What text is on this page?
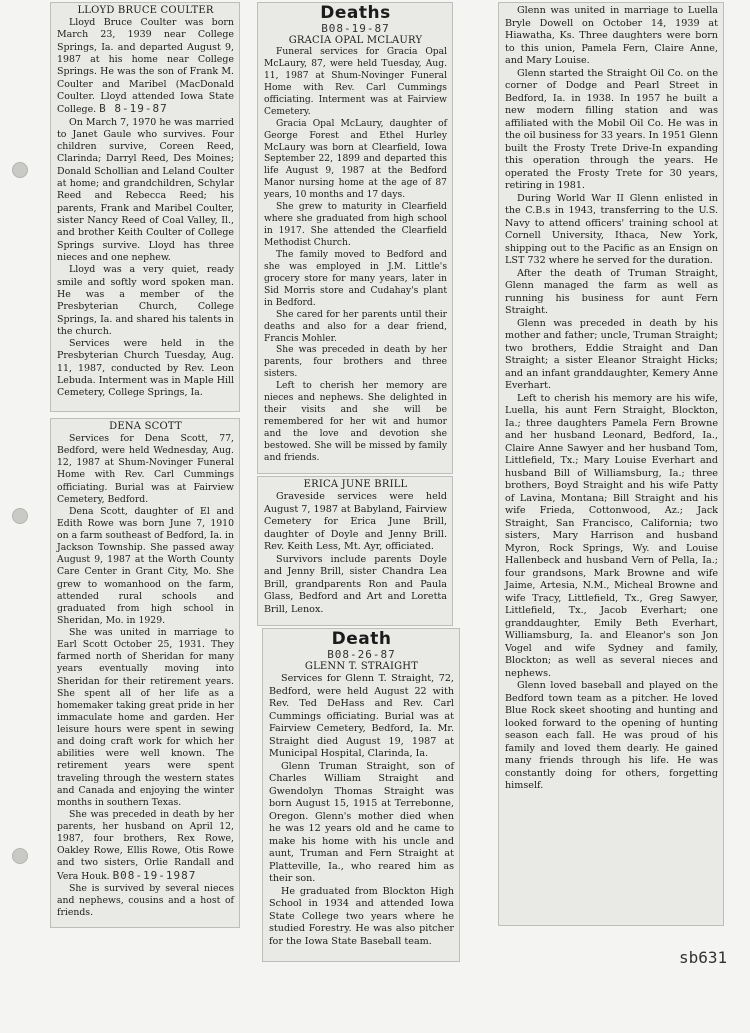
LLOYD BRUCE COULTER

Lloyd Bruce Coulter was born March 23, 1939 near College Springs, Ia. and departed August 9, 1987 at his home near College Springs. He was the son of Frank M. Coulter and Maribel (MacDonald Coulter. Lloyd attended Iowa State College. B 8-19-87

On March 7, 1970 he was married to Janet Gaule who survives. Four children survive, Coreen Reed, Clarinda; Darryl Reed, Des Moines; Donald Schollian and Leland Coulter at home; and grandchildren, Schylar Reed and Rebecca Reed; his parents, Frank and Maribel Coulter, sister Nancy Reed of Coal Valley, Il., and brother Keith Coulter of College Springs survive. Lloyd has three nieces and one nephew.

Lloyd was a very quiet, ready smile and softly word spoken man. He was a member of the Presbyterian Church, College Springs, Ia. and shared his talents in the church.

Services were held in the Presbyterian Church Tuesday, Aug. 11, 1987, conducted by Rev. Leon Lebuda. Interment was in Maple Hill Cemetery, College Springs, Ia.

DENA SCOTT

Services for Dena Scott, 77, Bedford, were held Wednesday, Aug. 12, 1987 at Shum-Novinger Funeral Home with Rev. Carl Cummings officiating. Burial was at Fairview Cemetery, Bedford.

Dena Scott, daughter of El and Edith Rowe was born June 7, 1910 on a farm southeast of Bedford, Ia. in Jackson Township. She passed away August 9, 1987 at the Worth County Care Center in Grant City, Mo. She grew to womanhood on the farm, attended rural schools and graduated from high school in Sheridan, Mo. in 1929.

She was united in marriage to Earl Scott October 25, 1931. They farmed north of Sheridan for many years eventually moving into Sheridan for their retirement years. She spent all of her life as a homemaker taking great pride in her immaculate home and garden. Her leisure hours were spent in sewing and doing craft work for which her abilities were well known. The retirement years were spent traveling through the western states and Canada and enjoying the winter months in southern Texas.

She was preceded in death by her parents, her husband on April 12, 1987, four brothers, Rex Rowe, Oakley Rowe, Ellis Rowe, Otis Rowe and two sisters, Orlie Randall and Vera Houk. B08-19-1987

She is survived by several nieces and nephews, cousins and a host of friends.

Deaths
B08-19-87
GRACIA OPAL MCLAURY

Funeral services for Gracia Opal McLaury, 87, were held Tuesday, Aug. 11, 1987 at Shum-Novinger Funeral Home with Rev. Carl Cummings officiating. Interment was at Fairview Cemetery.

Gracia Opal McLaury, daughter of George Forest and Ethel Hurley McLaury was born at Clearfield, Iowa September 22, 1899 and departed this life August 9, 1987 at the Bedford Manor nursing home at the age of 87 years, 10 months and 17 days.

She grew to maturity in Clearfield where she graduated from high school in 1917. She attended the Clearfield Methodist Church.

The family moved to Bedford and she was employed in J.M. Little's grocery store for many years, later in Sid Morris store and Cudahay's plant in Bedford.

She cared for her parents until their deaths and also for a dear friend, Francis Mohler.

She was preceded in death by her parents, four brothers and three sisters.

Left to cherish her memory are nieces and nephews. She delighted in their visits and she will be remembered for her wit and humor and the love and devotion she bestowed. She will be missed by family and friends.

ERICA JUNE BRILL

Graveside services were held August 7, 1987 at Babyland, Fairview Cemetery for Erica June Brill, daughter of Doyle and Jenny Brill. Rev. Keith Less, Mt. Ayr, officiated.

Survivors include parents Doyle and Jenny Brill, sister Chandra Lea Brill, grandparents Ron and Paula Glass, Bedford and Art and Loretta Brill, Lenox.

Death
B08-26-87
GLENN T. STRAIGHT

Services for Glenn T. Straight, 72, Bedford, were held August 22 with Rev. Ted DeHass and Rev. Carl Cummings officiating. Burial was at Fairview Cemetery, Bedford, Ia. Mr. Straight died August 19, 1987 at Municipal Hospital, Clarinda, Ia.

Glenn Truman Straight, son of Charles William Straight and Gwendolyn Thomas Straight was born August 15, 1915 at Terrebonne, Oregon. Glenn's mother died when he was 12 years old and he came to make his home with his uncle and aunt, Truman and Fern Straight at Platteville, Ia., who reared him as their son.

He graduated from Blockton High School in 1934 and attended Iowa State College two years where he studied Forestry. He was also pitcher for the Iowa State Baseball team.

Glenn was united in marriage to Luella Bryle Dowell on October 14, 1939 at Hiawatha, Ks. Three daughters were born to this union, Pamela Fern, Claire Anne, and Mary Louise.

Glenn started the Straight Oil Co. on the corner of Dodge and Pearl Street in Bedford, Ia. in 1938. In 1957 he built a new modern filling station and was affiliated with the Mobil Oil Co. He was in the oil business for 33 years. In 1951 Glenn built the Frosty Trete Drive-In expanding this operation through the years. He operated the Frosty Trete for 30 years, retiring in 1981.

During World War II Glenn enlisted in the C.B.s in 1943, transferring to the U.S. Navy to attend officers' training school at Cornell University, Ithaca, New York, shipping out to the Pacific as an Ensign on LST 732 where he served for the duration.

After the death of Truman Straight, Glenn managed the farm as well as running his business for aunt Fern Straight.

Glenn was preceded in death by his mother and father; uncle, Truman Straight; two brothers, Eddie Straight and Dan Straight; a sister Eleanor Straight Hicks; and an infant granddaughter, Kemery Anne Everhart.

Left to cherish his memory are his wife, Luella, his aunt Fern Straight, Blockton, Ia.; three daughters Pamela Fern Browne and her husband Leonard, Bedford, Ia., Claire Anne Sawyer and her husband Tom, Littlefield, Tx.; Mary Louise Everhart and husband Bill of Williamsburg, Ia.; three brothers, Boyd Straight and his wife Patty of Lavina, Montana; Bill Straight and his wife Frieda, Cottonwood, Az.; Jack Straight, San Francisco, California; two sisters, Mary Harrison and husband Myron, Rock Springs, Wy. and Louise Hallenbeck and husband Vern of Pella, Ia.; four grandsons, Mark Browne and wife Jaime, Artesia, N.M., Micheal Browne and wife Tracy, Littlefield, Tx., Greg Sawyer, Littlefield, Tx., Jacob Everhart; one granddaughter, Emily Beth Everhart, Williamsburg, Ia. and Eleanor's son Jon Vogel and wife Sydney and family, Blockton; as well as several nieces and nephews.

Glenn loved baseball and played on the Bedford town team as a pitcher. He loved Blue Rock skeet shooting and hunting and looked forward to the opening of hunting season each fall. He was proud of his family and loved them dearly. He gained many friends through his life. He was constantly doing for others, forgetting himself.

sb631
